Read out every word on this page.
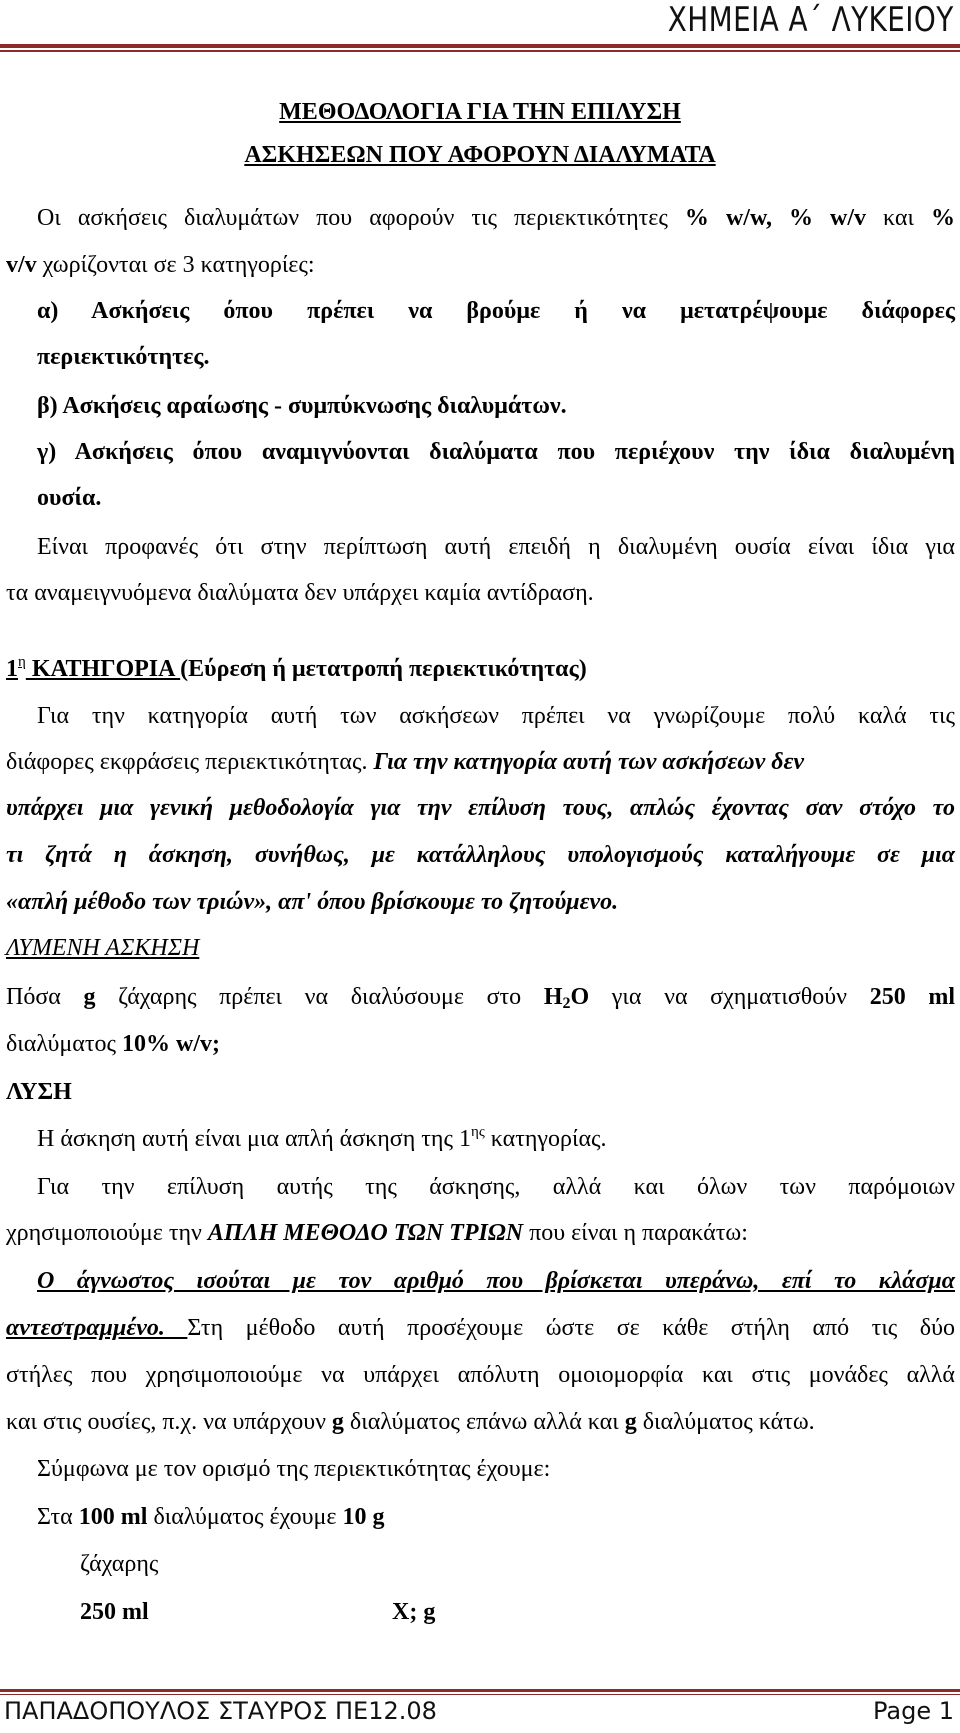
ΧΗΜΕΙΑ Α΄ ΛΥΚΕΙΟΥ
ΜΕΘΟΔΟΛΟΓΙΑ ΓΙΑ ΤΗΝ ΕΠΙΛΥΣΗ
ΑΣΚΗΣΕΩΝ ΠΟΥ ΑΦΟΡΟΥΝ ΔΙΑΛΥΜΑΤΑ
Οι ασκήσεις διαλυμάτων που αφορούν τις περιεκτικότητες % w/w, % w/v και %
v/v χωρίζονται σε 3 κατηγορίες:
α) Ασκήσεις όπου πρέπει να βρούμε ή να μετατρέψουμε διάφορες
περιεκτικότητες.
β) Ασκήσεις αραίωσης - συμπύκνωσης διαλυμάτων.
γ) Ασκήσεις όπου αναμιγνύονται διαλύματα που περιέχουν την ίδια διαλυμένη
ουσία.
Είναι προφανές ότι στην περίπτωση αυτή επειδή η διαλυμένη ουσία είναι ίδια για
τα αναμειγνυόμενα διαλύματα δεν υπάρχει καμία αντίδραση.
$1^\eta$ ΚΑΤΗΓΟΡΙΑ (Εύρεση ή μετατροπή περιεκτικότητας)
Για την κατηγορία αυτή των ασκήσεων πρέπει να γνωρίζουμε πολύ καλά τις
διάφορες εκφράσεις περιεκτικότητας. Για την κατηγορία αυτή των ασκήσεων δεν
υπάρχει μια γενική μεθοδολογία για την επίλυση τους, απλώς έχοντας σαν στόχο το
τι ζητά η άσκηση, συνήθως, με κατάλληλους υπολογισμούς καταλήγουμε σε μια
«απλή μέθοδο των τριών», απ' όπου βρίσκουμε το ζητούμενο.
ΛΥΜΕΝΗ ΑΣΚΗΣΗ
Πόσα g ζάχαρης πρέπει να διαλύσουμε στο $H_2O$ για να σχηματισθούν 250 ml
διαλύματος 10% w/v;
ΛΥΣΗ
Η άσκηση αυτή είναι μια απλή άσκηση της $1^{\eta\varsigma}$ κατηγορίας.
Για την επίλυση αυτής της άσκησης, αλλά και όλων των παρόμοιων
χρησιμοποιούμε την ΑΠΛΗ ΜΕΘΟΔΟ ΤΩΝ ΤΡΙΩΝ που είναι η παρακάτω:
Ο άγνωστος ισούται με τον αριθμό που βρίσκεται υπεράνω, επί το κλάσμα
αντεστραμμένο. Στη μέθοδο αυτή προσέχουμε ώστε σε κάθε στήλη από τις δύο
στήλες που χρησιμοποιούμε να υπάρχει απόλυτη ομοιομορφία και στις μονάδες αλλά
και στις ουσίες, π.χ. να υπάρχουν g διαλύματος επάνω αλλά και g διαλύματος κάτω.
Σύμφωνα με τον ορισμό της περιεκτικότητας έχουμε:
Στα 100 ml διαλύματος έχουμε 10 g
ζάχαρης
250 ml	X; g
ΠΑΠΑΔΟΠΟΥΛΟΣ ΣΤΑΥΡΟΣ ΠΕ12.08	Page 1
